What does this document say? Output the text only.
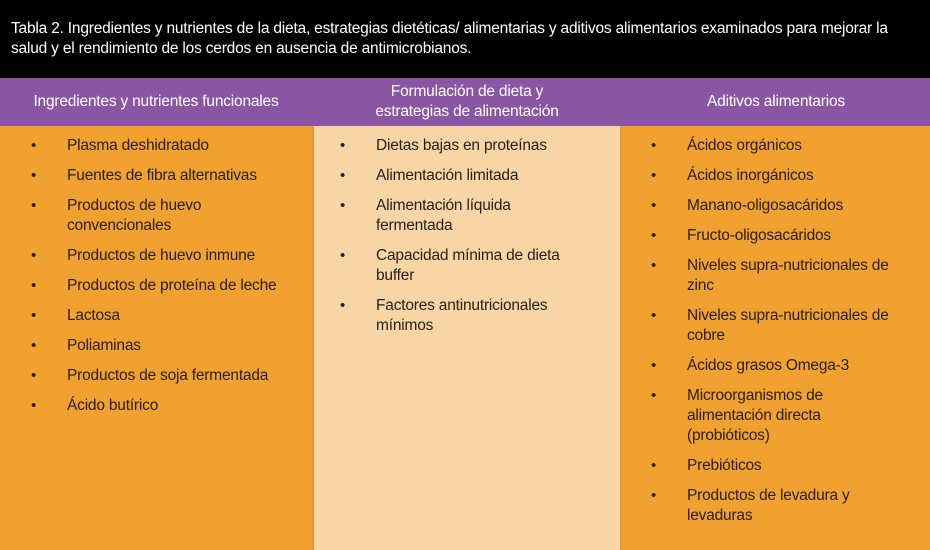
Tabla 2. Ingredientes y nutrientes de la dieta, estrategias dietéticas/ alimentarias y aditivos alimentarios examinados para mejorar la salud y el rendimiento de los cerdos en ausencia de antimicrobianos.
Ingredientes y nutrientes funcionales
Formulación de dieta y estrategias de alimentación
Aditivos alimentarios
• Plasma deshidratado
• Fuentes de fibra alternativas
• Productos de huevo convencionales
• Productos de huevo inmune
• Productos de proteína de leche
• Lactosa
• Poliaminas
• Productos de soja fermentada
• Ácido butírico
• Dietas bajas en proteínas
• Alimentación limitada
• Alimentación líquida fermentada
• Capacidad mínima de dieta buffer
• Factores antinutricionales mínimos
• Ácidos orgánicos
• Ácidos inorgánicos
• Manano-oligosacáridos
• Fructo-oligosacáridos
• Niveles supra-nutricionales de zinc
• Niveles supra-nutricionales de cobre
• Ácidos grasos Omega-3
• Microorganismos de alimentación directa (probióticos)
• Prebióticos
• Productos de levadura y levaduras
